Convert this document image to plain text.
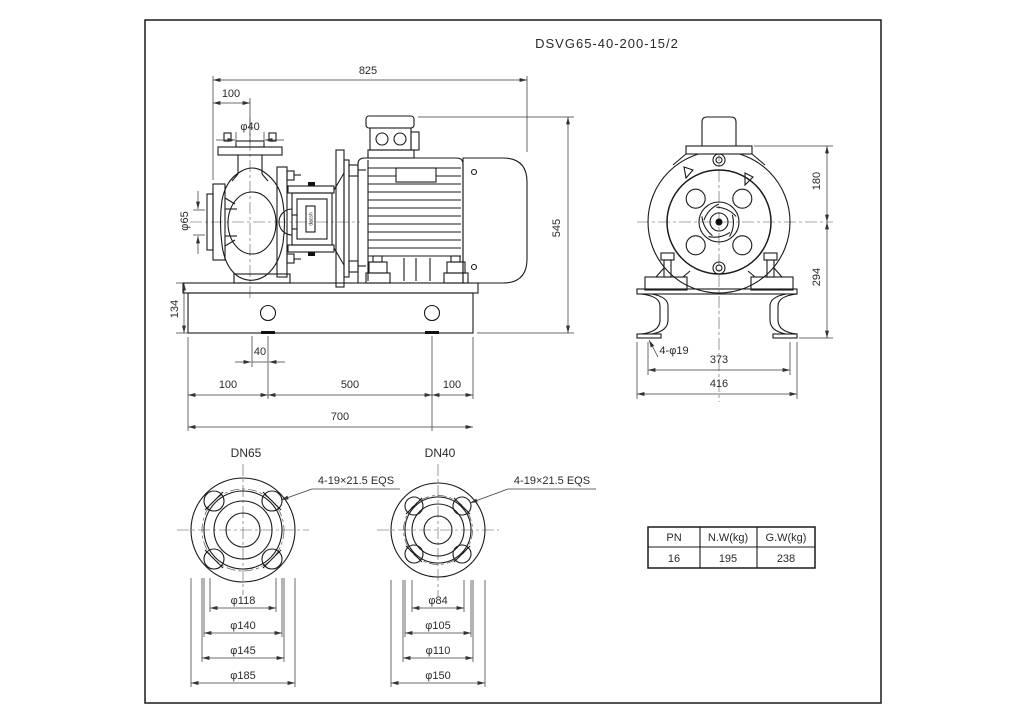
DSVG65-40-200-15/2
dacsh
825
100
φ40
φ65	545
134
40
100	500	100
700
180
294
4-φ19
373
416
DN65
4-19×21.5 EQS
φ118
φ140
φ145
φ185
DN40
4-19×21.5 EQS
φ84
φ105
φ110
φ150
PN N.W(kg) G.W(kg)
16	195	238
